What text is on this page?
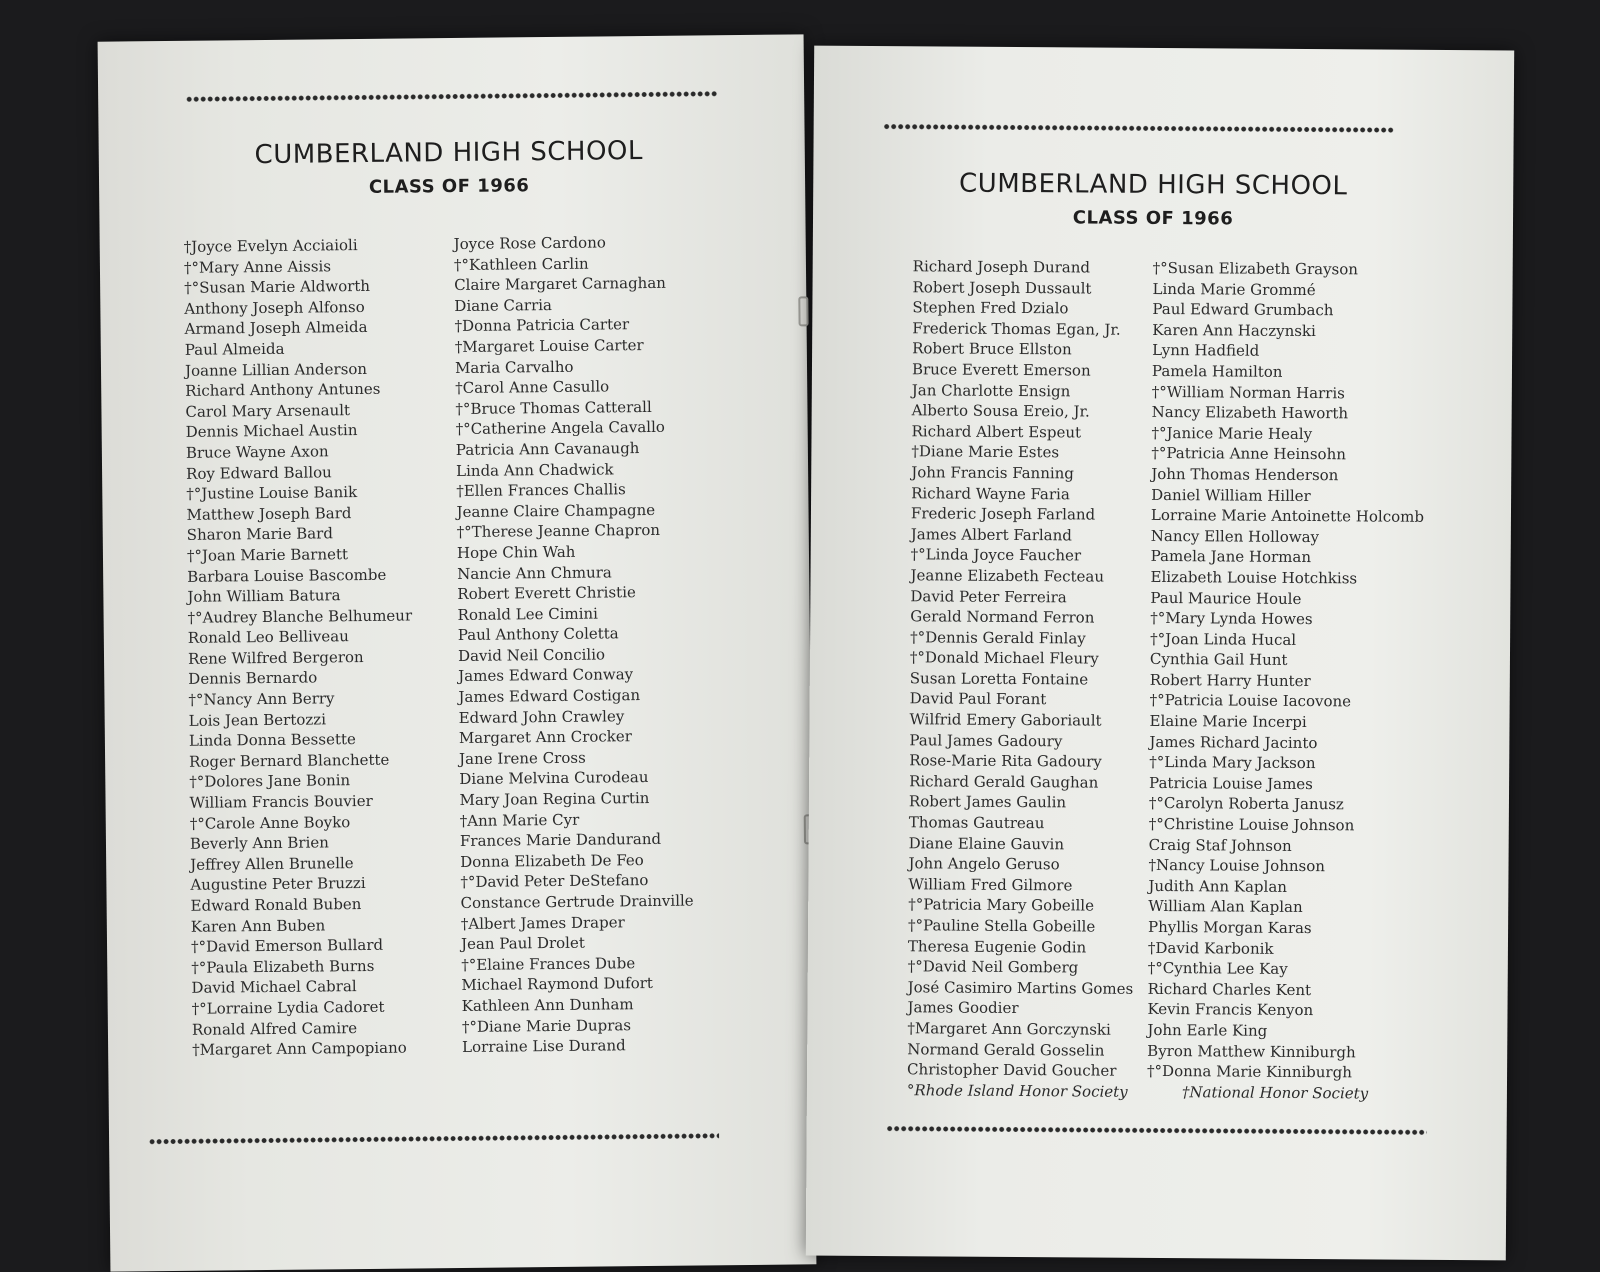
CUMBERLAND HIGH SCHOOL
CLASS OF 1966
†Joyce Evelyn Acciaioli
†°Mary Anne Aissis
†°Susan Marie Aldworth
Anthony Joseph Alfonso
Armand Joseph Almeida
Paul Almeida
Joanne Lillian Anderson
Richard Anthony Antunes
Carol Mary Arsenault
Dennis Michael Austin
Bruce Wayne Axon
Roy Edward Ballou
†°Justine Louise Banik
Matthew Joseph Bard
Sharon Marie Bard
†°Joan Marie Barnett
Barbara Louise Bascombe
John William Batura
†°Audrey Blanche Belhumeur
Ronald Leo Belliveau
Rene Wilfred Bergeron
Dennis Bernardo
†°Nancy Ann Berry
Lois Jean Bertozzi
Linda Donna Bessette
Roger Bernard Blanchette
†°Dolores Jane Bonin
William Francis Bouvier
†°Carole Anne Boyko
Beverly Ann Brien
Jeffrey Allen Brunelle
Augustine Peter Bruzzi
Edward Ronald Buben
Karen Ann Buben
†°David Emerson Bullard
†°Paula Elizabeth Burns
David Michael Cabral
†°Lorraine Lydia Cadoret
Ronald Alfred Camire
†Margaret Ann Campopiano
Joyce Rose Cardono
†°Kathleen Carlin
Claire Margaret Carnaghan
Diane Carria
†Donna Patricia Carter
†Margaret Louise Carter
Maria Carvalho
†Carol Anne Casullo
†°Bruce Thomas Catterall
†°Catherine Angela Cavallo
Patricia Ann Cavanaugh
Linda Ann Chadwick
†Ellen Frances Challis
Jeanne Claire Champagne
†°Therese Jeanne Chapron
Hope Chin Wah
Nancie Ann Chmura
Robert Everett Christie
Ronald Lee Cimini
Paul Anthony Coletta
David Neil Concilio
James Edward Conway
James Edward Costigan
Edward John Crawley
Margaret Ann Crocker
Jane Irene Cross
Diane Melvina Curodeau
Mary Joan Regina Curtin
†Ann Marie Cyr
Frances Marie Dandurand
Donna Elizabeth De Feo
†°David Peter DeStefano
Constance Gertrude Drainville
†Albert James Draper
Jean Paul Drolet
†°Elaine Frances Dube
Michael Raymond Dufort
Kathleen Ann Dunham
†°Diane Marie Dupras
Lorraine Lise Durand
CUMBERLAND HIGH SCHOOL
CLASS OF 1966
Richard Joseph Durand
Robert Joseph Dussault
Stephen Fred Dzialo
Frederick Thomas Egan, Jr.
Robert Bruce Ellston
Bruce Everett Emerson
Jan Charlotte Ensign
Alberto Sousa Ereio, Jr.
Richard Albert Espeut
†Diane Marie Estes
John Francis Fanning
Richard Wayne Faria
Frederic Joseph Farland
James Albert Farland
†°Linda Joyce Faucher
Jeanne Elizabeth Fecteau
David Peter Ferreira
Gerald Normand Ferron
†°Dennis Gerald Finlay
†°Donald Michael Fleury
Susan Loretta Fontaine
David Paul Forant
Wilfrid Emery Gaboriault
Paul James Gadoury
Rose-Marie Rita Gadoury
Richard Gerald Gaughan
Robert James Gaulin
Thomas Gautreau
Diane Elaine Gauvin
John Angelo Geruso
William Fred Gilmore
†°Patricia Mary Gobeille
†°Pauline Stella Gobeille
Theresa Eugenie Godin
†°David Neil Gomberg
José Casimiro Martins Gomes
James Goodier
†Margaret Ann Gorczynski
Normand Gerald Gosselin
Christopher David Goucher
†°Susan Elizabeth Grayson
Linda Marie Grommé
Paul Edward Grumbach
Karen Ann Haczynski
Lynn Hadfield
Pamela Hamilton
†°William Norman Harris
Nancy Elizabeth Haworth
†°Janice Marie Healy
†°Patricia Anne Heinsohn
John Thomas Henderson
Daniel William Hiller
Lorraine Marie Antoinette Holcomb
Nancy Ellen Holloway
Pamela Jane Horman
Elizabeth Louise Hotchkiss
Paul Maurice Houle
†°Mary Lynda Howes
†°Joan Linda Hucal
Cynthia Gail Hunt
Robert Harry Hunter
†°Patricia Louise Iacovone
Elaine Marie Incerpi
James Richard Jacinto
†°Linda Mary Jackson
Patricia Louise James
†°Carolyn Roberta Janusz
†°Christine Louise Johnson
Craig Staf Johnson
†Nancy Louise Johnson
Judith Ann Kaplan
William Alan Kaplan
Phyllis Morgan Karas
†David Karbonik
†°Cynthia Lee Kay
Richard Charles Kent
Kevin Francis Kenyon
John Earle King
Byron Matthew Kinniburgh
†°Donna Marie Kinniburgh
°Rhode Island Honor Society	†National Honor Society
